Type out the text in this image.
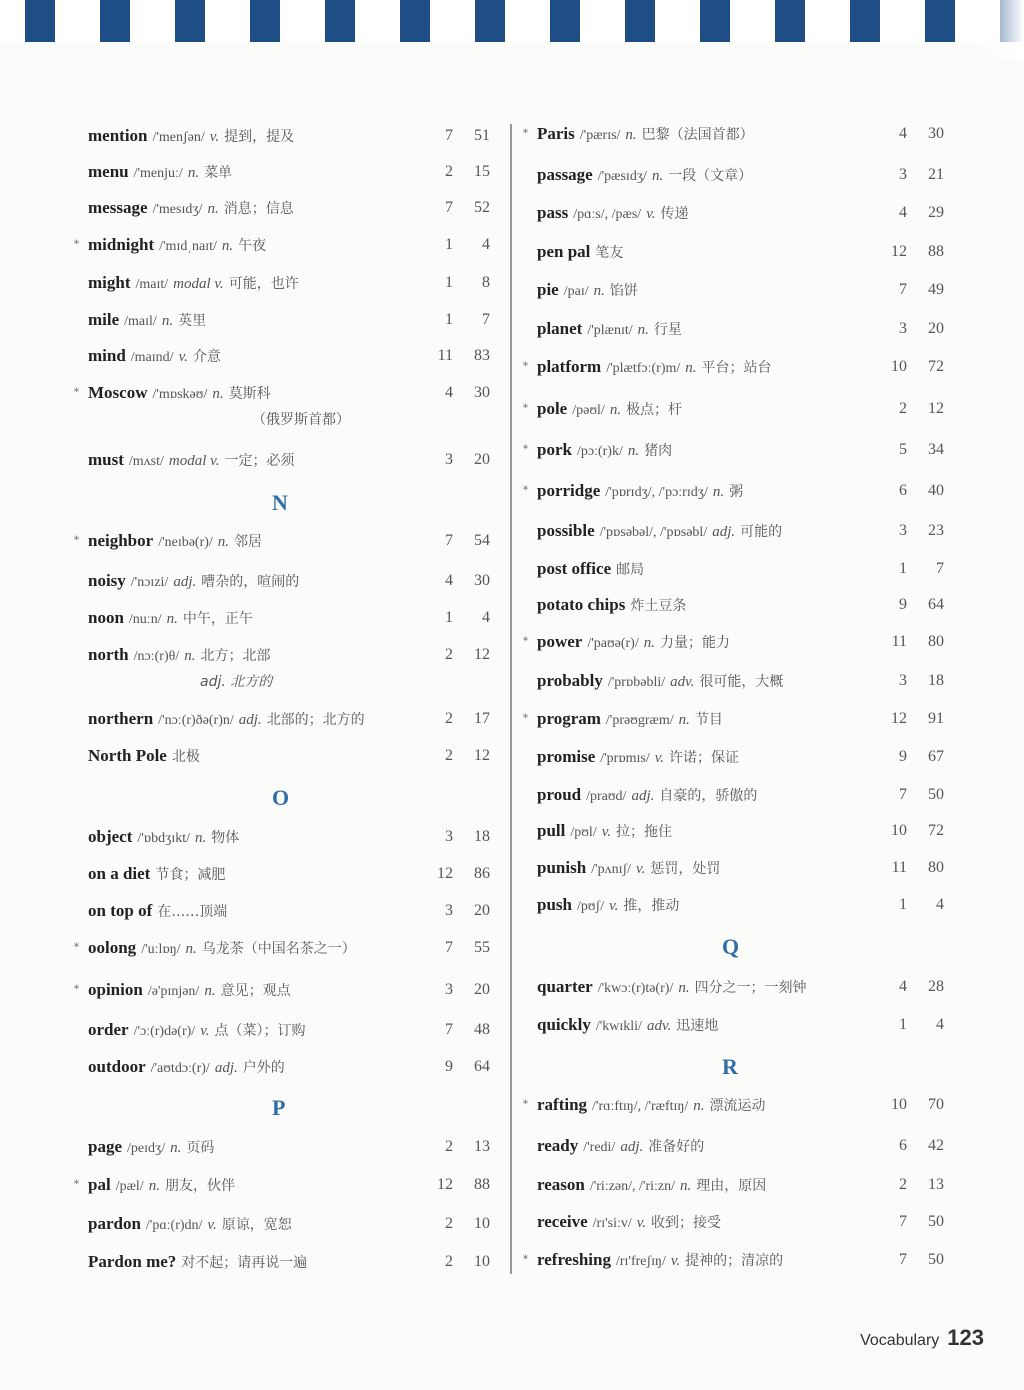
mention /'menʃən/ v. 提到，提及	7	51
menu /'menjuː/ n. 菜单	2	15
message /'mesɪdʒ/ n. 消息；信息	7	52
* midnight /'mɪdˌnaɪt/ n. 午夜	1	4
might /maɪt/ modal v. 可能，也许	1	8
mile /maɪl/ n. 英里	1	7
mind /maɪnd/ v. 介意	11	83
* Moscow /'mɒskəʊ/ n. 莫斯科	4	30
（俄罗斯首都）
must /mʌst/ modal v. 一定；必须	3	20
N
* neighbor /'neɪbə(r)/ n. 邻居	7	54
noisy /'nɔɪzi/ adj. 嘈杂的，喧闹的	4	30
noon /nuːn/ n. 中午，正午	1	4
north /nɔː(r)θ/ n. 北方；北部	2	12
adj. 北方的
northern /'nɔː(r)ðə(r)n/ adj. 北部的；北方的	2	17
North Pole 北极	2	12
O
object /'ɒbdʒɪkt/ n. 物体	3	18
on a diet 节食；减肥	12	86
on top of 在……顶端	3	20
* oolong /'uːlɒŋ/ n. 乌龙茶（中国名茶之一）	7	55
* opinion /ə'pɪnjən/ n. 意见；观点	3	20
order /'ɔː(r)də(r)/ v. 点（菜）；订购	7	48
outdoor /'aʊtdɔː(r)/ adj. 户外的	9	64
P
page /peɪdʒ/ n. 页码	2	13
* pal /pæl/ n. 朋友，伙伴	12	88
pardon /'pɑː(r)dn/ v. 原谅，宽恕	2	10
Pardon me? 对不起；请再说一遍	2	10
* Paris /'pærɪs/ n. 巴黎（法国首都）	4	30
passage /'pæsɪdʒ/ n. 一段（文章）	3	21
pass /pɑːs/, /pæs/ v. 传递	4	29
pen pal 笔友	12	88
pie /paɪ/ n. 馅饼	7	49
planet /'plænɪt/ n. 行星	3	20
* platform /'plætfɔː(r)m/ n. 平台；站台	10	72
* pole /pəʊl/ n. 极点；杆	2	12
* pork /pɔː(r)k/ n. 猪肉	5	34
* porridge /'pɒrɪdʒ/, /'pɔːrɪdʒ/ n. 粥	6	40
possible /'pɒsəbəl/, /'pɒsəbl/ adj. 可能的	3	23
post office 邮局	1	7
potato chips 炸土豆条	9	64
* power /'paʊə(r)/ n. 力量；能力	11	80
probably /'prɒbəbli/ adv. 很可能，大概	3	18
* program /'prəʊgræm/ n. 节目	12	91
promise /'prɒmɪs/ v. 许诺；保证	9	67
proud /praʊd/ adj. 自豪的，骄傲的	7	50
pull /pʊl/ v. 拉；拖住	10	72
punish /'pʌnɪʃ/ v. 惩罚，处罚	11	80
push /pʊʃ/ v. 推，推动	1	4
Q
quarter /'kwɔː(r)tə(r)/ n. 四分之一；一刻钟	4	28
quickly /'kwɪkli/ adv. 迅速地	1	4
R
* rafting /'rɑːftɪŋ/, /'ræftɪŋ/ n. 漂流运动	10	70
ready /'redi/ adj. 准备好的	6	42
reason /'riːzən/, /'riːzn/ n. 理由，原因	2	13
receive /rɪ'siːv/ v. 收到；接受	7	50
* refreshing /rɪ'freʃɪŋ/ v. 提神的；清凉的	7	50
Vocabulary 123
